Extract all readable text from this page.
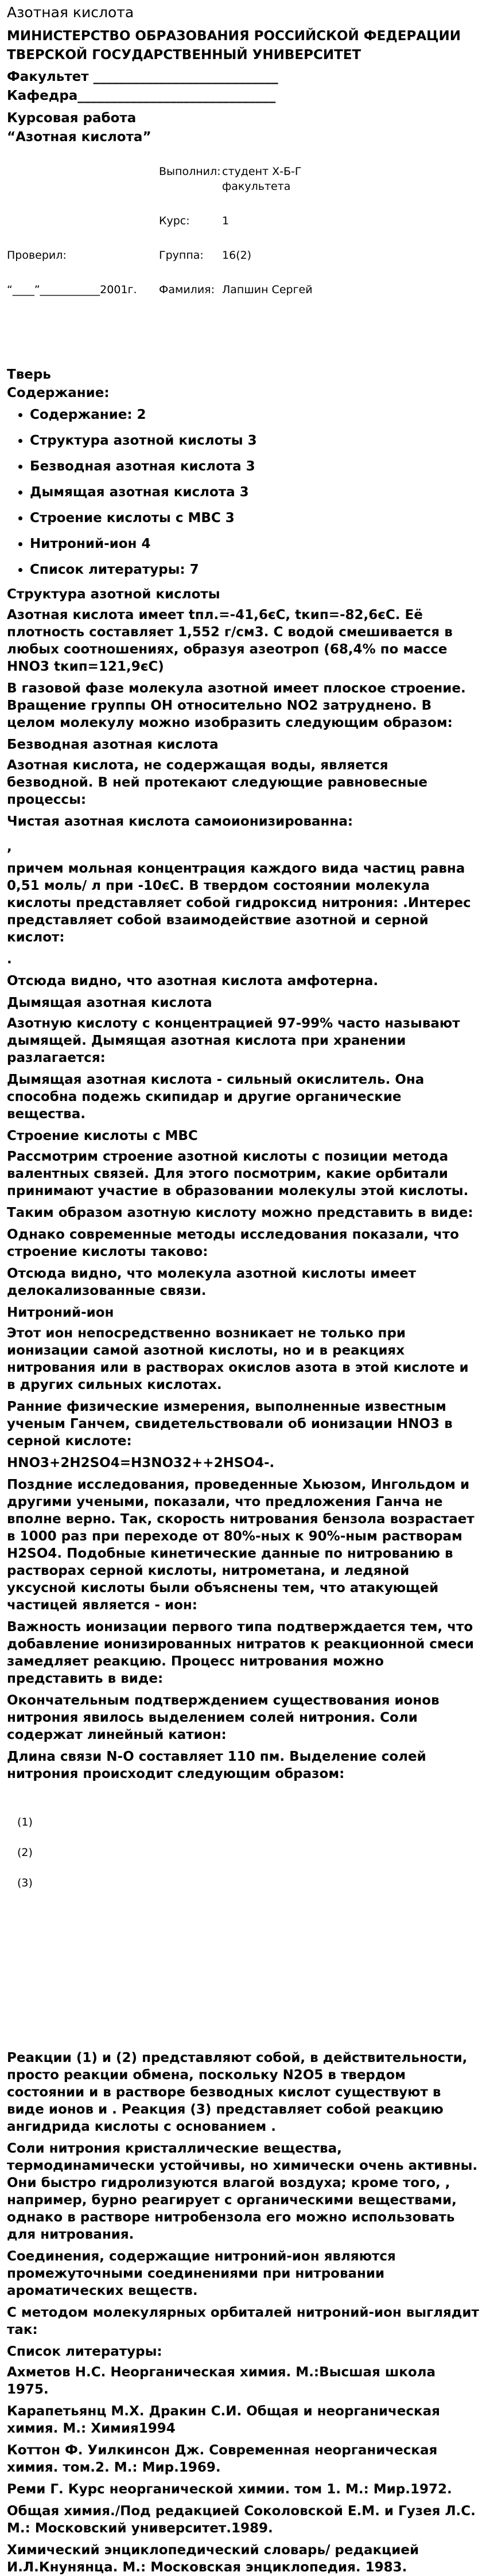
Азотная кислота
МИНИСТЕРСТВО ОБРАЗОВАНИЯ РОССИЙСКОЙ ФЕДЕРАЦИИ ТВЕРСКОЙ ГОСУДАРСТВЕННЫЙ УНИВЕРСИТЕТ
Факультет ____________________________
Кафедра______________________________
Курсовая работа
“Азотная кислота”
Выполнил: студент Х-Б-Г факультета
Курс:	1
Проверил:	Группа:	16(2)
“____”___________2001г.	Фамилия: Лапшин Сергей
Тверь
Содержание:
• Содержание: 2
• Структура азотной кислоты 3
• Безводная азотная кислота 3
• Дымящая азотная кислота 3
• Строение кислоты с МВС 3
• Нитроний-ион 4
• Список литературы: 7
Структура азотной кислоты
Азотная кислота имеет tпл.=-41,6єС, tкип=-82,6єС. Её плотность составляет 1,552 г/см3. С водой смешивается в любых соотношениях, образуя азеотроп (68,4% по массе HNO3 tкип=121,9єС)
В газовой фазе молекула азотной имеет плоское строение. Вращение группы ОН относительно NO2 затруднено. В целом молекулу можно изобразить следующим образом:
Безводная азотная кислота
Азотная кислота, не содержащая воды, является безводной. В ней протекают следующие равновесные процессы:
Чистая азотная кислота самоионизированна:
,
причем мольная концентрация каждого вида частиц равна 0,51 моль/ л при -10єС. В твердом состоянии молекула кислоты представляет собой гидроксид нитрония: .Интерес представляет собой взаимодействие азотной и серной кислот:
.
Отсюда видно, что азотная кислота амфотерна.
Дымящая азотная кислота
Азотную кислоту с концентрацией 97-99% часто называют дымящей. Дымящая азотная кислота при хранении разлагается:
Дымящая азотная кислота - сильный окислитель. Она способна подежь скипидар и другие органические вещества.
Строение кислоты с МВС
Рассмотрим строение азотной кислоты с позиции метода валентных связей. Для этого посмотрим, какие орбитали принимают участие в образовании молекулы этой кислоты.
Таким образом азотную кислоту можно представить в виде:
Однако современные методы исследования показали, что строение кислоты таково:
Отсюда видно, что молекула азотной кислоты имеет делокализованные связи.
Нитроний-ион
Этот ион непосредственно возникает не только при ионизации самой азотной кислоты, но и в реакциях нитрования или в растворах окислов азота в этой кислоте и в других сильных кислотах.
Ранние физические измерения, выполненные известным ученым Ганчем, свидетельствовали об ионизации HNO3 в серной кислоте:
HNO3+2H2SO4=H3NO32++2HSO4-.
Поздние исследования, проведенные Хьюзом, Ингольдом и другими учеными, показали, что предложения Ганча не вполне верно. Так, скорость нитрования бензола возрастает в 1000 раз при переходе от 80%-ных к 90%-ным растворам H2SO4. Подобные кинетические данные по нитрованию в растворах серной кислоты, нитрометана, и ледяной уксусной кислоты были объяснены тем, что атакующей частицей является - ион:
Важность ионизации первого типа подтверждается тем, что добавление ионизированных нитратов к реакционной смеси замедляет реакцию. Процесс нитрования можно представить в виде:
Окончательным подтверждением существования ионов нитрония явилось выделением солей нитрония. Соли содержат линейный катион:
Длина связи N-O составляет 110 пм. Выделение солей нитрония происходит следующим образом:
(1)
(2)
(3)
Реакции (1) и (2) представляют собой, в действительности, просто реакции обмена, поскольку N2O5 в твердом состоянии и в растворе безводных кислот существуют в виде ионов и . Реакция (3) представляет собой реакцию ангидрида кислоты с основанием .
Соли нитрония кристаллические вещества, термодинамически устойчивы, но химически очень активны. Они быстро гидролизуются влагой воздуха; кроме того, , например, бурно реагирует с органическими веществами, однако в растворе нитробензола его можно использовать для нитрования.
Соединения, содержащие нитроний-ион являются промежуточными соединениями при нитровании ароматических веществ.
С методом молекулярных орбиталей нитроний-ион выглядит так:
Список литературы:
Ахметов Н.С. Неорганическая химия. М.:Высшая школа 1975.
Карапетьянц М.Х. Дракин С.И. Общая и неорганическая химия. М.: Химия1994
Коттон Ф. Уилкинсон Дж. Современная неорганическая химия. том.2. М.: Мир.1969.
Реми Г. Курс неорганической химии. том 1. М.: Мир.1972.
Общая химия./Под редакцией Соколовской Е.М. и Гузея Л.С. М.: Московский университет.1989.
Химический энциклопедический словарь/ редакцией И.Л.Кнунянца. М.: Московская энциклопедия. 1983.
